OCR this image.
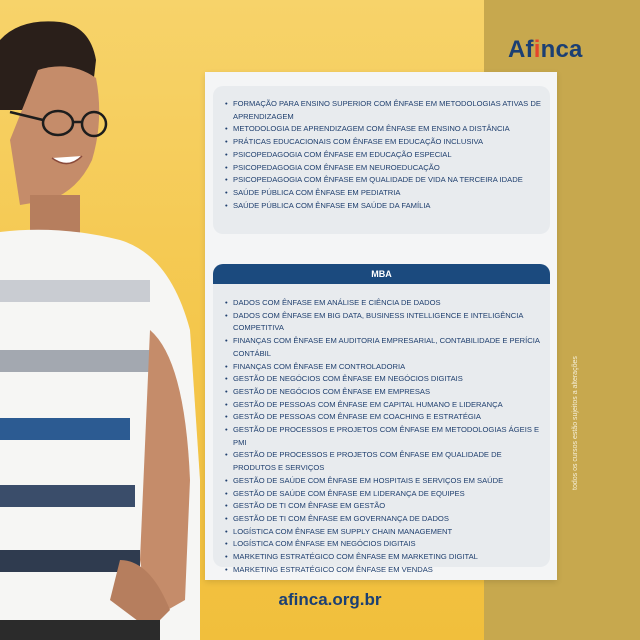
Afinca
• FORMAÇÃO PARA ENSINO SUPERIOR COM ÊNFASE EM METODOLOGIAS ATIVAS DE APRENDIZAGEM
• METODOLOGIA DE APRENDIZAGEM COM ÊNFASE EM ENSINO A DISTÂNCIA
• PRÁTICAS EDUCACIONAIS COM ÊNFASE EM EDUCAÇÃO INCLUSIVA
• PSICOPEDAGOGIA COM ÊNFASE EM EDUCAÇÃO ESPECIAL
• PSICOPEDAGOGIA COM ÊNFASE EM NEUROEDUCAÇÃO
• PSICOPEDAGOGIA COM ÊNFASE EM QUALIDADE DE VIDA NA TERCEIRA IDADE
• SAÚDE PÚBLICA COM ÊNFASE EM PEDIATRIA
• SAÚDE PÚBLICA COM ÊNFASE EM SAÚDE DA FAMÍLIA
MBA
• DADOS COM ÊNFASE EM ANÁLISE E CIÊNCIA DE DADOS
• DADOS COM ÊNFASE EM BIG DATA, BUSINESS INTELLIGENCE E INTELIGÊNCIA COMPETITIVA
• FINANÇAS COM ÊNFASE EM AUDITORIA EMPRESARIAL, CONTABILIDADE E PERÍCIA CONTÁBIL
• FINANÇAS COM ÊNFASE EM CONTROLADORIA
• GESTÃO DE NEGÓCIOS COM ÊNFASE EM NEGÓCIOS DIGITAIS
• GESTÃO DE NEGÓCIOS COM ÊNFASE EM EMPRESAS
• GESTÃO DE PESSOAS COM ÊNFASE EM CAPITAL HUMANO E LIDERANÇA
• GESTÃO DE PESSOAS COM ÊNFASE EM COACHING E ESTRATÉGIA
• GESTÃO DE PROCESSOS E PROJETOS COM ÊNFASE EM METODOLOGIAS ÁGEIS E PMI
• GESTÃO DE PROCESSOS E PROJETOS COM ÊNFASE EM QUALIDADE DE PRODUTOS E SERVIÇOS
• GESTÃO DE SAÚDE COM ÊNFASE EM HOSPITAIS E SERVIÇOS EM SAÚDE
• GESTÃO DE SAÚDE COM ÊNFASE EM LIDERANÇA DE EQUIPES
• GESTÃO DE TI COM ÊNFASE EM GESTÃO
• GESTÃO DE TI COM ÊNFASE EM GOVERNANÇA DE DADOS
• LOGÍSTICA COM ÊNFASE EM SUPPLY CHAIN MANAGEMENT
• LOGÍSTICA COM ÊNFASE EM NEGÓCIOS DIGITAIS
• MARKETING ESTRATÉGICO COM ÊNFASE EM MARKETING DIGITAL
• MARKETING ESTRATÉGICO COM ÊNFASE EM VENDAS
afinca.org.br
todos os cursos estão sujeitos a alterações
